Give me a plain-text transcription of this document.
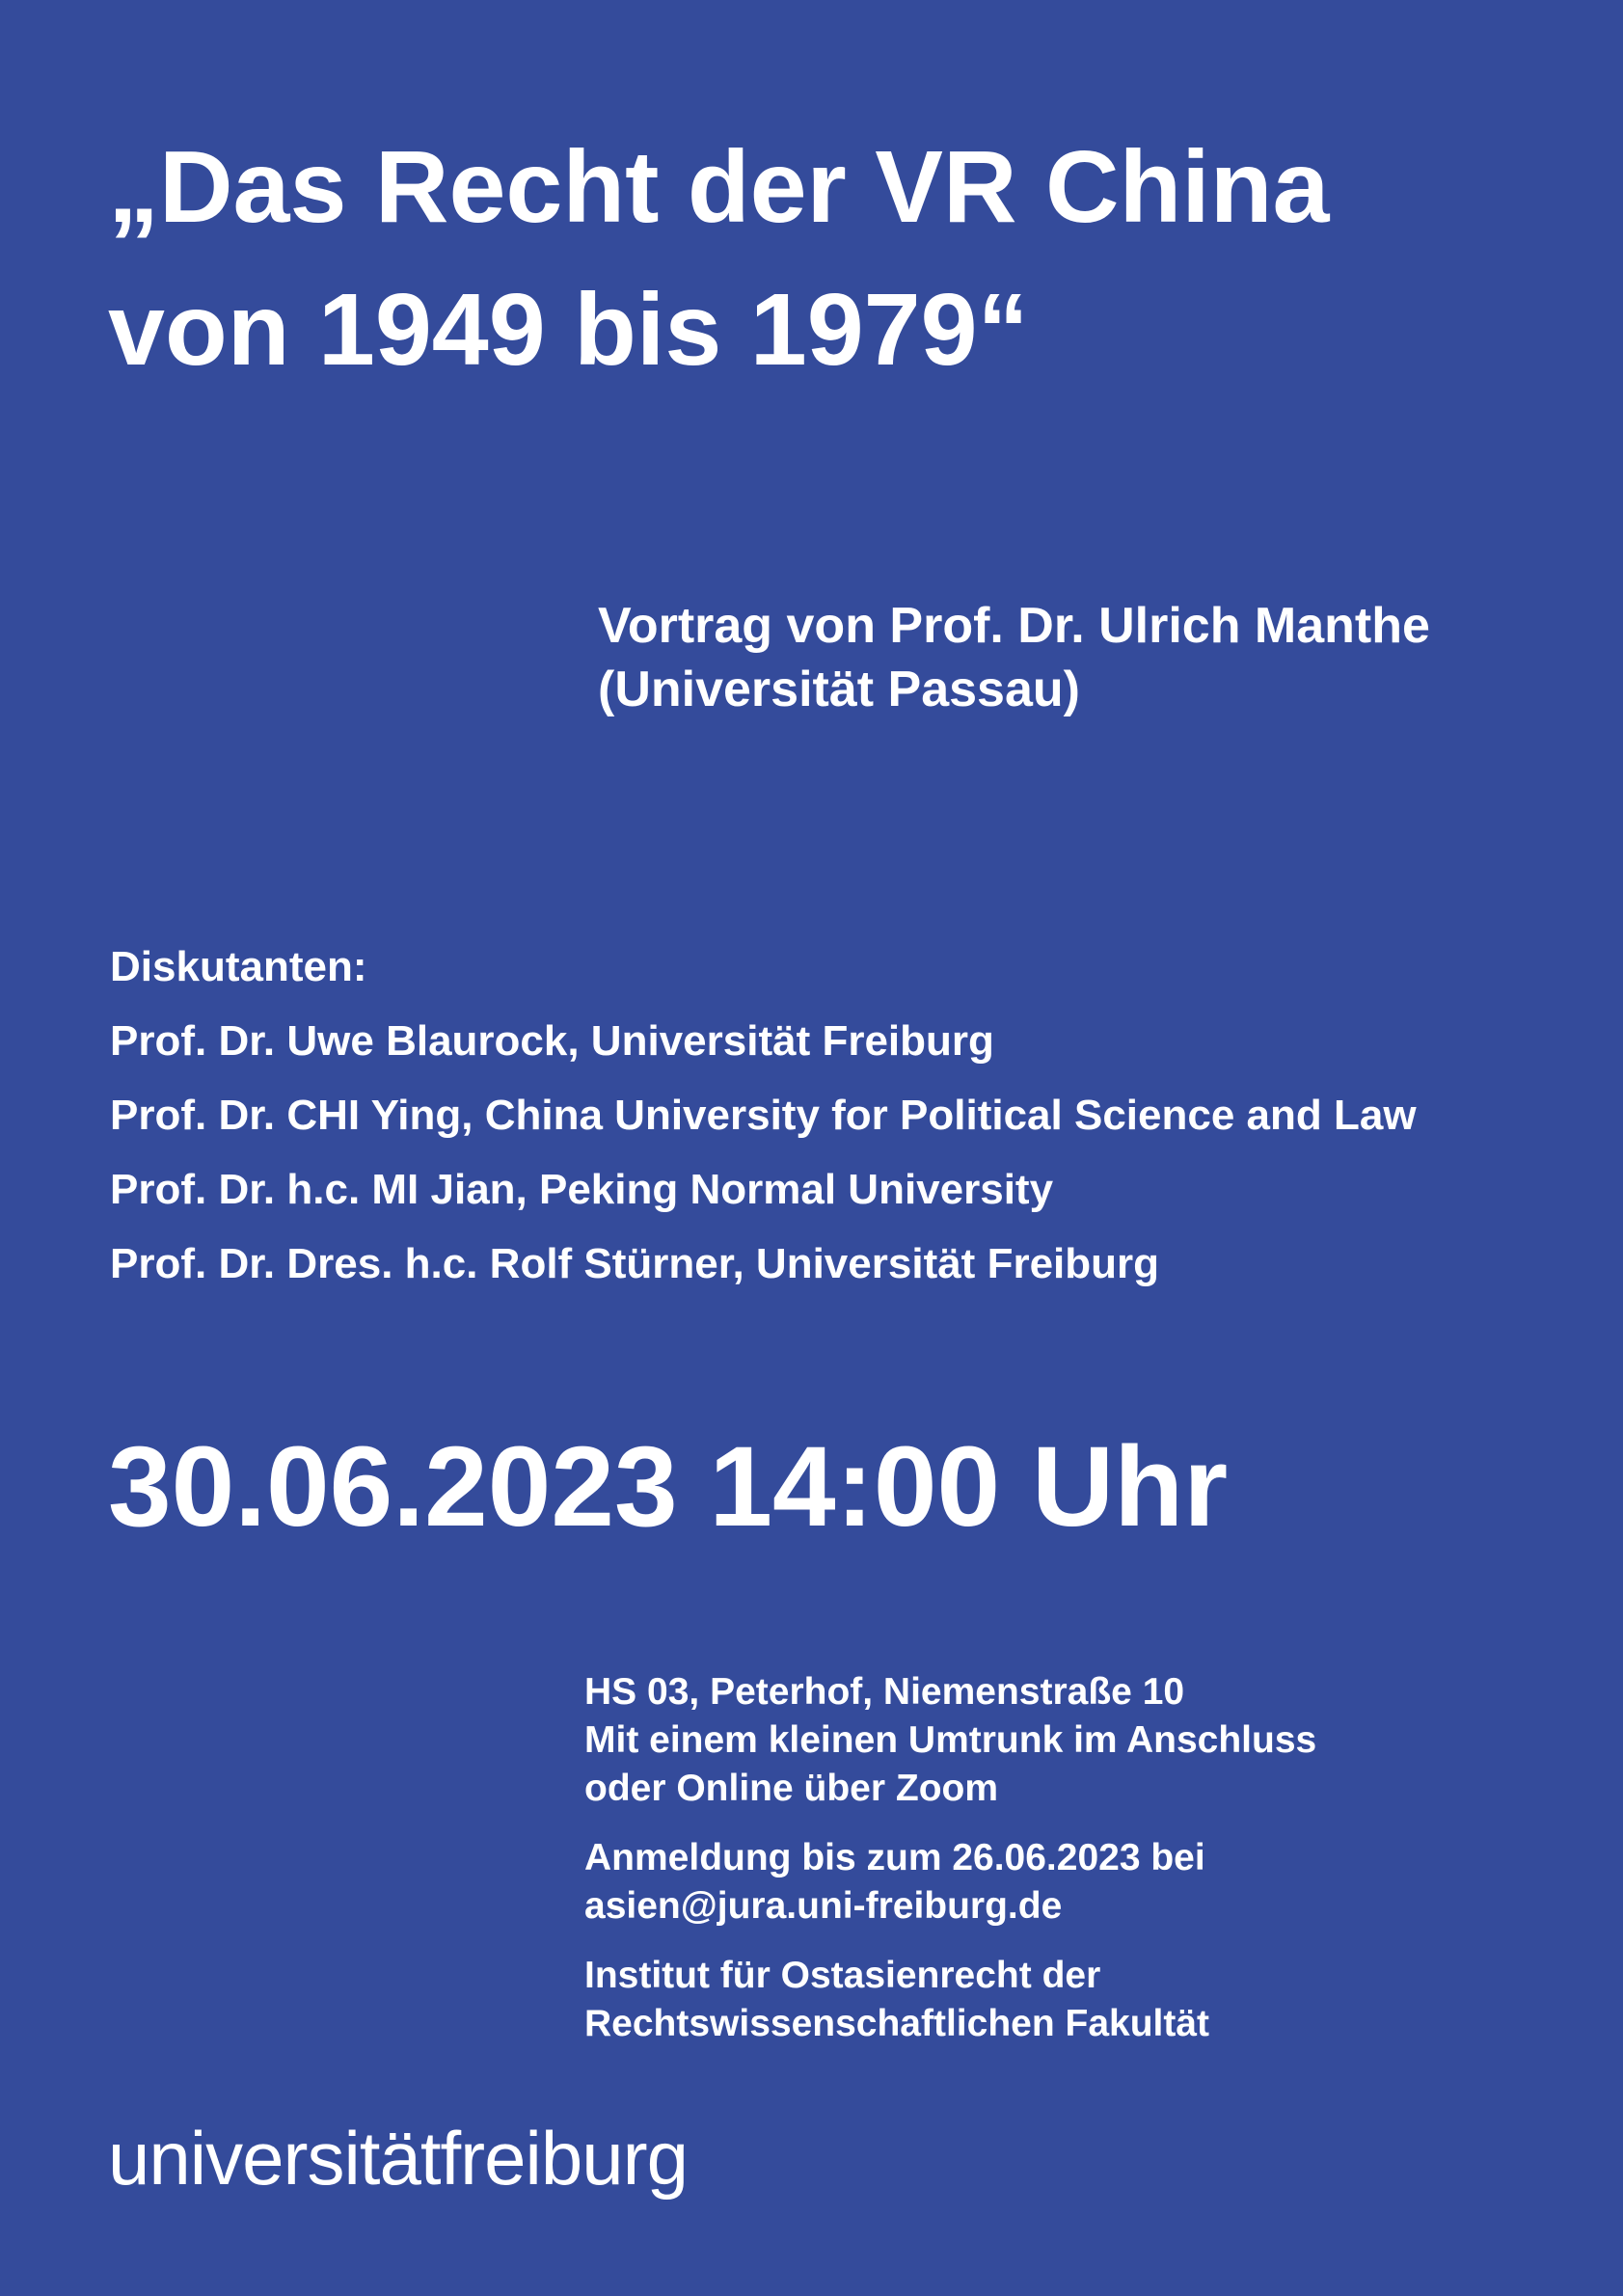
„Das Recht der VR China
von 1949 bis 1979“
Vortrag von Prof. Dr. Ulrich Manthe
(Universität Passau)
Diskutanten:
Prof. Dr. Uwe Blaurock, Universität Freiburg
Prof. Dr. CHI Ying, China University for Political Science and Law
Prof. Dr. h.c. MI Jian, Peking Normal University
Prof. Dr. Dres. h.c. Rolf Stürner, Universität Freiburg
30.06.2023 14:00 Uhr
HS 03, Peterhof, Niemenstraße 10
Mit einem kleinen Umtrunk im Anschluss
oder Online über Zoom
Anmeldung bis zum 26.06.2023 bei
asien@jura.uni-freiburg.de
Institut für Ostasienrecht der
Rechtswissenschaftlichen Fakultät
universitätfreiburg
